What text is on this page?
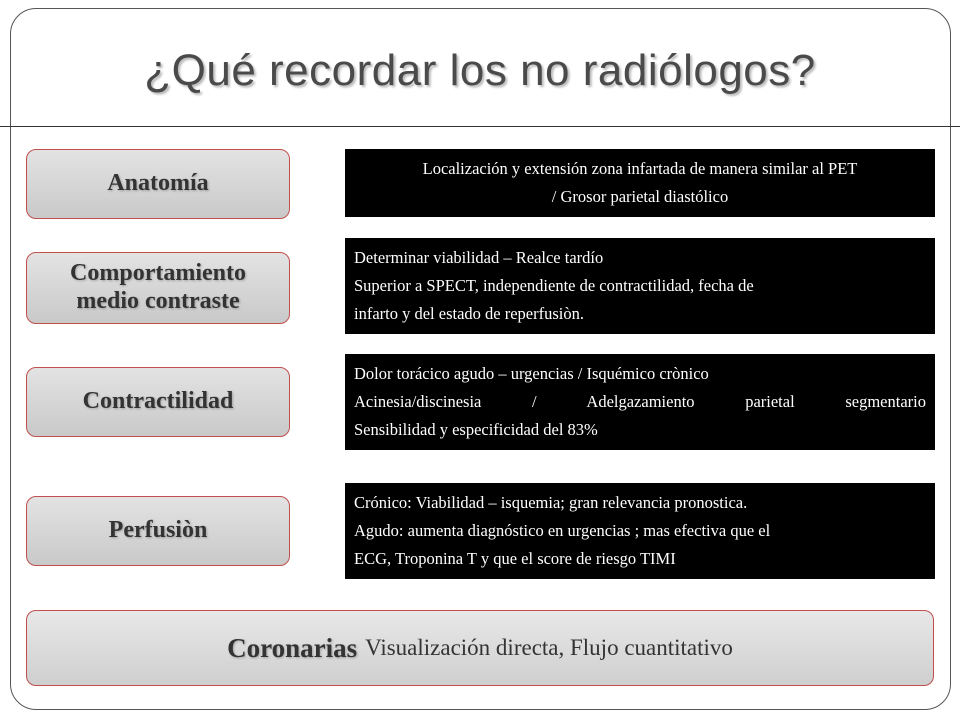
¿Qué recordar los no radiólogos?
Anatomía
Localización y extensión zona infartada de manera similar al PET
/ Grosor parietal diastólico
Comportamiento
medio contraste
Determinar viabilidad – Realce tardío
Superior a SPECT, independiente de contractilidad, fecha de
infarto y del estado de reperfusiòn.
Contractilidad
Dolor torácico agudo – urgencias / Isquémico crònico
Acinesia/discinesia / Adelgazamiento parietal segmentario
Sensibilidad y especificidad del 83%
Perfusiòn
Crónico: Viabilidad – isquemia; gran relevancia pronostica.
Agudo: aumenta diagnóstico en urgencias ; mas efectiva que el
ECG, Troponina T y que el score de riesgo TIMI
Coronarias Visualización directa, Flujo cuantitativo
